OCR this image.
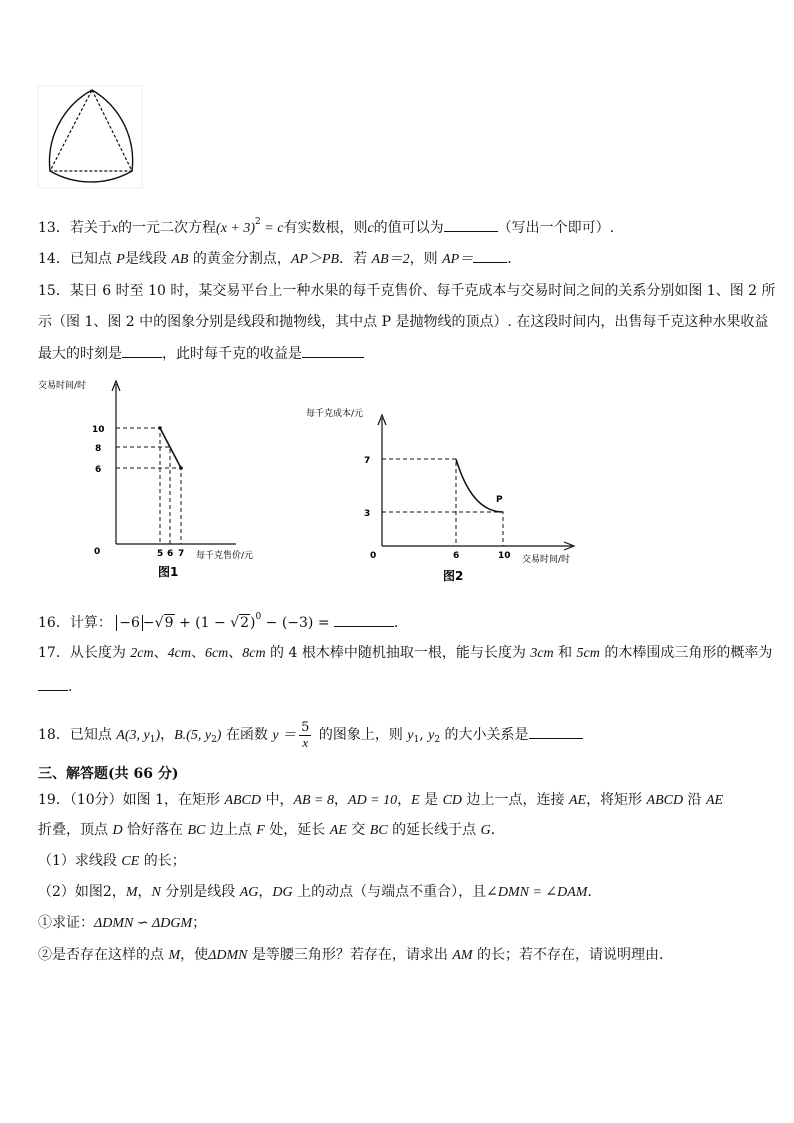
13．若关于x的一元二次方程$(x + 3)^2 = c$有实数根，则c的值可以为	（写出一个即可）.
14．已知点 P是线段 AB 的黄金分割点，AP＞PB．若 AB＝2，则 AP＝ ．
15．某日 6 时至 10 时，某交易平台上一种水果的每千克售价、每千克成本与交易时间之间的关系分别如图 1、图 2 所
示（图 1、图 2 中的图象分别是线段和抛物线，其中点 P 是抛物线的顶点）. 在这段时间内，出售每千克这种水果收益
最大的时刻是	，此时每千克的收益是
交易时间/时
0
10
8
6
5 6 7 每千克售价/元
图1
每千克成本/元
0
P
7
3
6	10 交易时间/时
图2
16．计算： $-6 -√9 + (1 - √2)^0 - (-3)$ =	．
17．从长度为 2cm、4cm、6cm、8cm 的 4 根木棒中随机抽取一根，能与长度为 3cm 和 5cm 的木棒围成三角形的概率为
.
18．已知点 A(3, $y_1$)，B.(5, $y_2$) 在函数 $y = \frac{5}{x}$ 的图象上，则 $y_1$, $y_2$ 的大小关系是
三、解答题(共 66 分)
19．（10分）如图 1，在矩形 ABCD 中，AB = 8，AD = 10，E 是 CD 边上一点，连接 AE，将矩形 ABCD 沿 AE
折叠，顶点 D 恰好落在 BC 边上点 F 处，延长 AE 交 BC 的延长线于点 G．
（1）求线段 CE 的长；
（2）如图2，M，N 分别是线段 AG，DG 上的动点（与端点不重合），且∠DMN = ∠DAM．
①求证：ΔDMN ∽ ΔDGM；
②是否存在这样的点 M，使ΔDMN 是等腰三角形？若存在，请求出 AM 的长；若不存在，请说明理由．
